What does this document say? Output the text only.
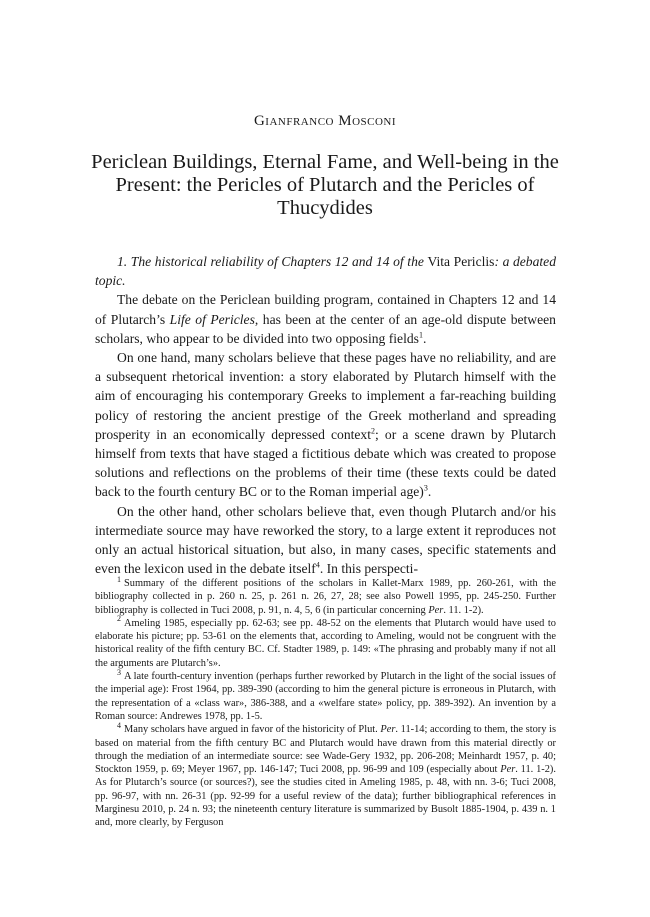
Gianfranco Mosconi
Periclean Buildings, Eternal Fame, and Well-being in the Present: the Pericles of Plutarch and the Pericles of Thucydides

1. The historical reliability of Chapters 12 and 14 of the Vita Periclis: a debated topic.

The debate on the Periclean building program, contained in Chapters 12 and 14 of Plutarch’s Life of Pericles, has been at the center of an age-old dispute between scholars, who appear to be divided into two opposing fields$^1$.

On one hand, many scholars believe that these pages have no reliability, and are a subsequent rhetorical invention: a story elaborated by Plutarch himself with the aim of encouraging his contemporary Greeks to implement a far-reaching building policy of restoring the ancient prestige of the Greek motherland and spreading prosperity in an economically depressed context$^2$; or a scene drawn by Plutarch himself from texts that have staged a fictitious debate which was created to propose solutions and reflections on the problems of their time (these texts could be dated back to the fourth century BC or to the Roman imperial age)$^3$.

On the other hand, other scholars believe that, even though Plutarch and/or his intermediate source may have reworked the story, to a large extent it reproduces not only an actual historical situation, but also, in many cases, specific statements and even the lexicon used in the debate itself$^4$. In this perspecti-

$^1$ Summary of the different positions of the scholars in Kallet-Marx 1989, pp. 260-261, with the bibliography collected in p. 260 n. 25, p. 261 n. 26, 27, 28; see also Powell 1995, pp. 245-250. Further bibliography is collected in Tuci 2008, p. 91, n. 4, 5, 6 (in particular concerning Per. 11. 1-2).

$^2$ Ameling 1985, especially pp. 62-63; see pp. 48-52 on the elements that Plutarch would have used to elaborate his picture; pp. 53-61 on the elements that, according to Ameling, would not be congruent with the historical reality of the fifth century BC. Cf. Stadter 1989, p. 149: «The phrasing and probably many if not all the arguments are Plutarch’s».

$^3$ A late fourth-century invention (perhaps further reworked by Plutarch in the light of the social issues of the imperial age): Frost 1964, pp. 389-390 (according to him the general picture is erroneous in Plutarch, with the representation of a «class war», 386-388, and a «welfare state» policy, pp. 389-392). An invention by a Roman source: Andrewes 1978, pp. 1-5.

$^4$ Many scholars have argued in favor of the historicity of Plut. Per. 11-14; according to them, the story is based on material from the fifth century BC and Plutarch would have drawn from this material directly or through the mediation of an intermediate source: see Wade-Gery 1932, pp. 206-208; Meinhardt 1957, p. 40; Stockton 1959, p. 69; Meyer 1967, pp. 146-147; Tuci 2008, pp. 96-99 and 109 (especially about Per. 11. 1-2). As for Plutarch’s source (or sources?), see the studies cited in Ameling 1985, p. 48, with nn. 3-6; Tuci 2008, pp. 96-97, with nn. 26-31 (pp. 92-99 for a useful review of the data); further bibliographical references in Marginesu 2010, p. 24 n. 93; the nineteenth century literature is summarized by Busolt 1885-1904, p. 439 n. 1 and, more clearly, by Ferguson
